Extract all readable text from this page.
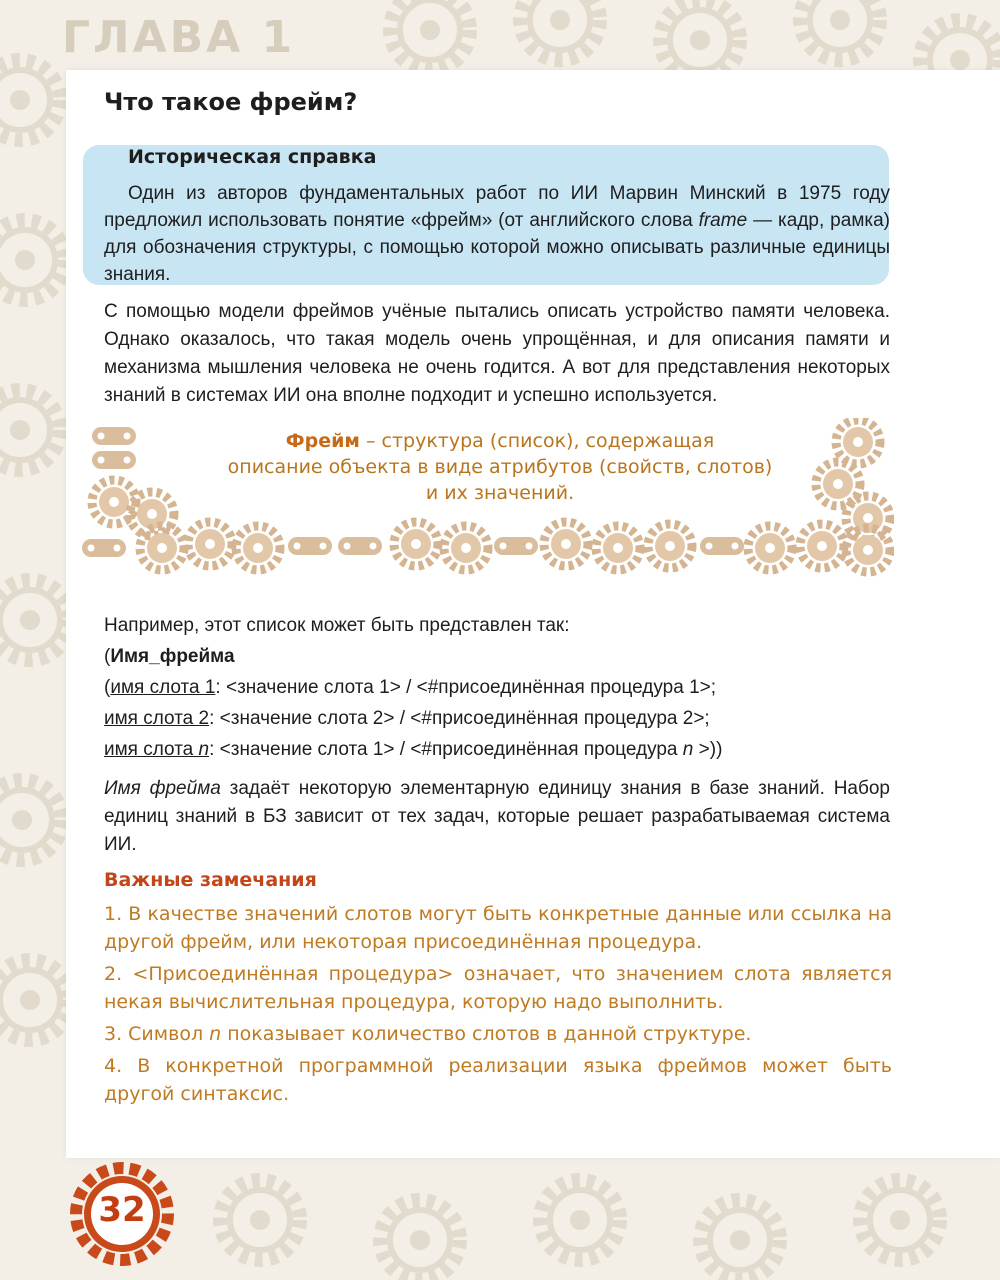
ГЛАВА 1
Что такое фрейм?
Историческая справка
Один из авторов фундаментальных работ по ИИ Марвин Минский в 1975 году предложил использовать понятие «фрейм» (от английского слова frame — кадр, рамка) для обозначения структуры, с помощью которой можно описывать различные единицы знания.
С помощью модели фреймов учёные пытались описать устройство памяти человека. Однако оказалось, что такая модель очень упрощённая, и для описания памяти и механизма мышления человека не очень годится. А вот для представления некоторых знаний в системах ИИ она вполне подходит и успешно используется.
Фрейм – структура (список), содержащая
описание объекта в виде атрибутов (свойств, слотов)
и их значений.
Например, этот список может быть представлен так:
(Имя_фрейма
(имя слота 1: <значение слота 1> / <#присоединённая процедура 1>;
имя слота 2: <значение слота 2> / <#присоединённая процедура 2>;
имя слота n: <значение слота 1> / <#присоединённая процедура n >))
Имя фрейма задаёт некоторую элементарную единицу знания в базе знаний. Набор единиц знаний в БЗ зависит от тех задач, которые решает разрабатываемая система ИИ.
Важные замечания
1. В качестве значений слотов могут быть конкретные данные или ссылка на другой фрейм, или некоторая присоединённая процедура.
2. <Присоединённая процедура> означает, что значением слота является некая вычислительная процедура, которую надо выполнить.
3. Символ n показывает количество слотов в данной структуре.
4. В конкретной программной реализации языка фреймов может быть другой синтаксис.
32
